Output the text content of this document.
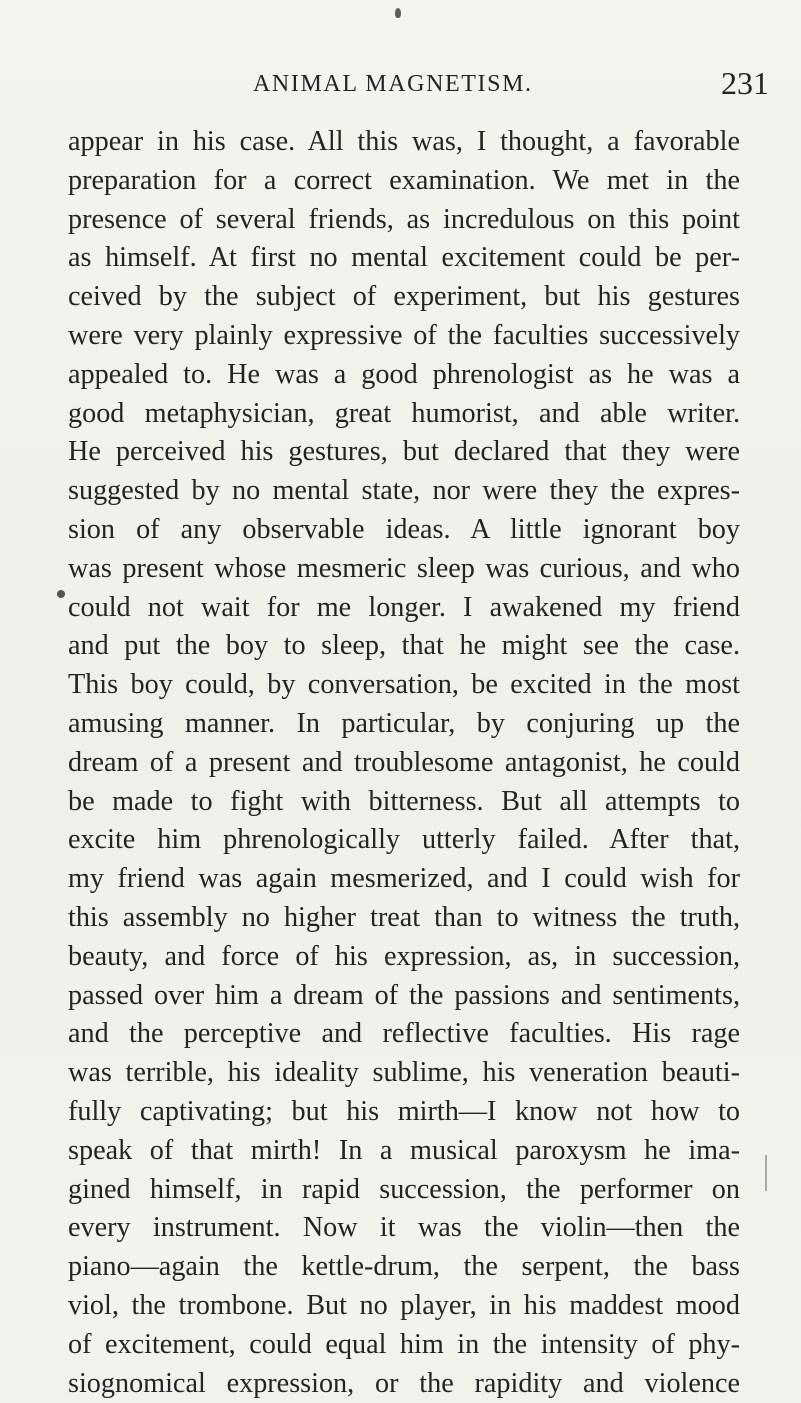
ANIMAL MAGNETISM.	231
appear in his case. All this was, I thought, a favorable
preparation for a correct examination. We met in the
presence of several friends, as incredulous on this point
as himself. At first no mental excitement could be per-
ceived by the subject of experiment, but his gestures
were very plainly expressive of the faculties successively
appealed to. He was a good phrenologist as he was a
good metaphysician, great humorist, and able writer.
He perceived his gestures, but declared that they were
suggested by no mental state, nor were they the expres-
sion of any observable ideas. A little ignorant boy
was present whose mesmeric sleep was curious, and who
could not wait for me longer. I awakened my friend
and put the boy to sleep, that he might see the case.
This boy could, by conversation, be excited in the most
amusing manner. In particular, by conjuring up the
dream of a present and troublesome antagonist, he could
be made to fight with bitterness. But all attempts to
excite him phrenologically utterly failed. After that,
my friend was again mesmerized, and I could wish for
this assembly no higher treat than to witness the truth,
beauty, and force of his expression, as, in succession,
passed over him a dream of the passions and sentiments,
and the perceptive and reflective faculties. His rage
was terrible, his ideality sublime, his veneration beauti-
fully captivating; but his mirth—I know not how to
speak of that mirth! In a musical paroxysm he ima-
gined himself, in rapid succession, the performer on
every instrument. Now it was the violin—then the
piano—again the kettle-drum, the serpent, the bass
viol, the trombone. But no player, in his maddest mood
of excitement, could equal him in the intensity of phy-
siognomical expression, or the rapidity and violence
